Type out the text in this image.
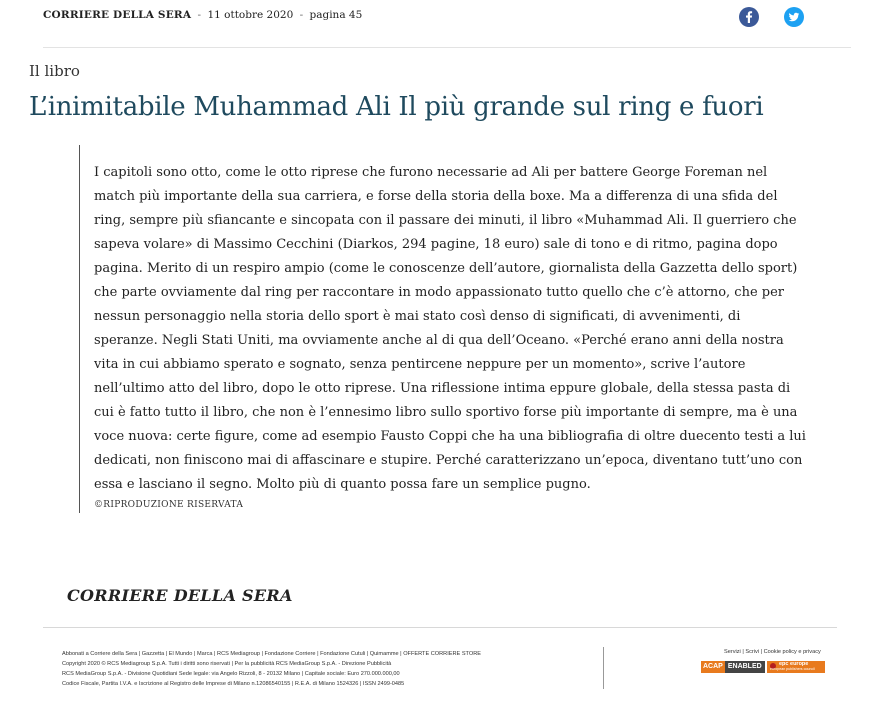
CORRIERE DELLA SERA - 11 ottobre 2020 - pagina 45
Il libro
L’inimitabile Muhammad Ali Il più grande sul ring e fuori

I capitoli sono otto, come le otto riprese che furono necessarie ad Ali per battere George Foreman nel match più importante della sua carriera, e forse della storia della boxe. Ma a differenza di una sfida del ring, sempre più sfiancante e sincopata con il passare dei minuti, il libro «Muhammad Ali. Il guerriero che sapeva volare» di Massimo Cecchini (Diarkos, 294 pagine, 18 euro) sale di tono e di ritmo, pagina dopo pagina. Merito di un respiro ampio (come le conoscenze dell’autore, giornalista della Gazzetta dello sport) che parte ovviamente dal ring per raccontare in modo appassionato tutto quello che c’è attorno, che per nessun personaggio nella storia dello sport è mai stato così denso di significati, di avvenimenti, di speranze. Negli Stati Uniti, ma ovviamente anche al di qua dell’Oceano. «Perché erano anni della nostra vita in cui abbiamo sperato e sognato, senza pentircene neppure per un momento», scrive l’autore nell’ultimo atto del libro, dopo le otto riprese. Una riflessione intima eppure globale, della stessa pasta di cui è fatto tutto il libro, che non è l’ennesimo libro sullo sportivo forse più importante di sempre, ma è una voce nuova: certe figure, come ad esempio Fausto Coppi che ha una bibliografia di oltre duecento testi a lui dedicati, non finiscono mai di affascinare e stupire. Perché caratterizzano un’epoca, diventano tutt’uno con essa e lasciano il segno. Molto più di quanto possa fare un semplice pugno.

©RIPRODUZIONE RISERVATA
CORRIERE DELLA SERA
Abbonati a Corriere della Sera | Gazzetta | El Mundo | Marca | RCS Mediagroup | Fondazione Corriere | Fondazione Cutuli | Quimamme | OFFERTE CORRIERE STORE
Copyright 2020 © RCS Mediagroup S.p.A. Tutti i diritti sono riservati | Per la pubblicità RCS MediaGroup S.p.A. - Direzione Pubblicità
RCS MediaGroup S.p.A. - Divisione Quotidiani Sede legale: via Angelo Rizzoli, 8 - 20132 Milano | Capitale sociale: Euro 270.000.000,00
Codice Fiscale, Partita I.V.A. e Iscrizione al Registro delle Imprese di Milano n.12086540155 | R.E.A. di Milano 1524326 | ISSN 2499-0485
Servizi | Scrivi | Cookie policy e privacy
ACAP ENABLED	epc europe
european publishers council
